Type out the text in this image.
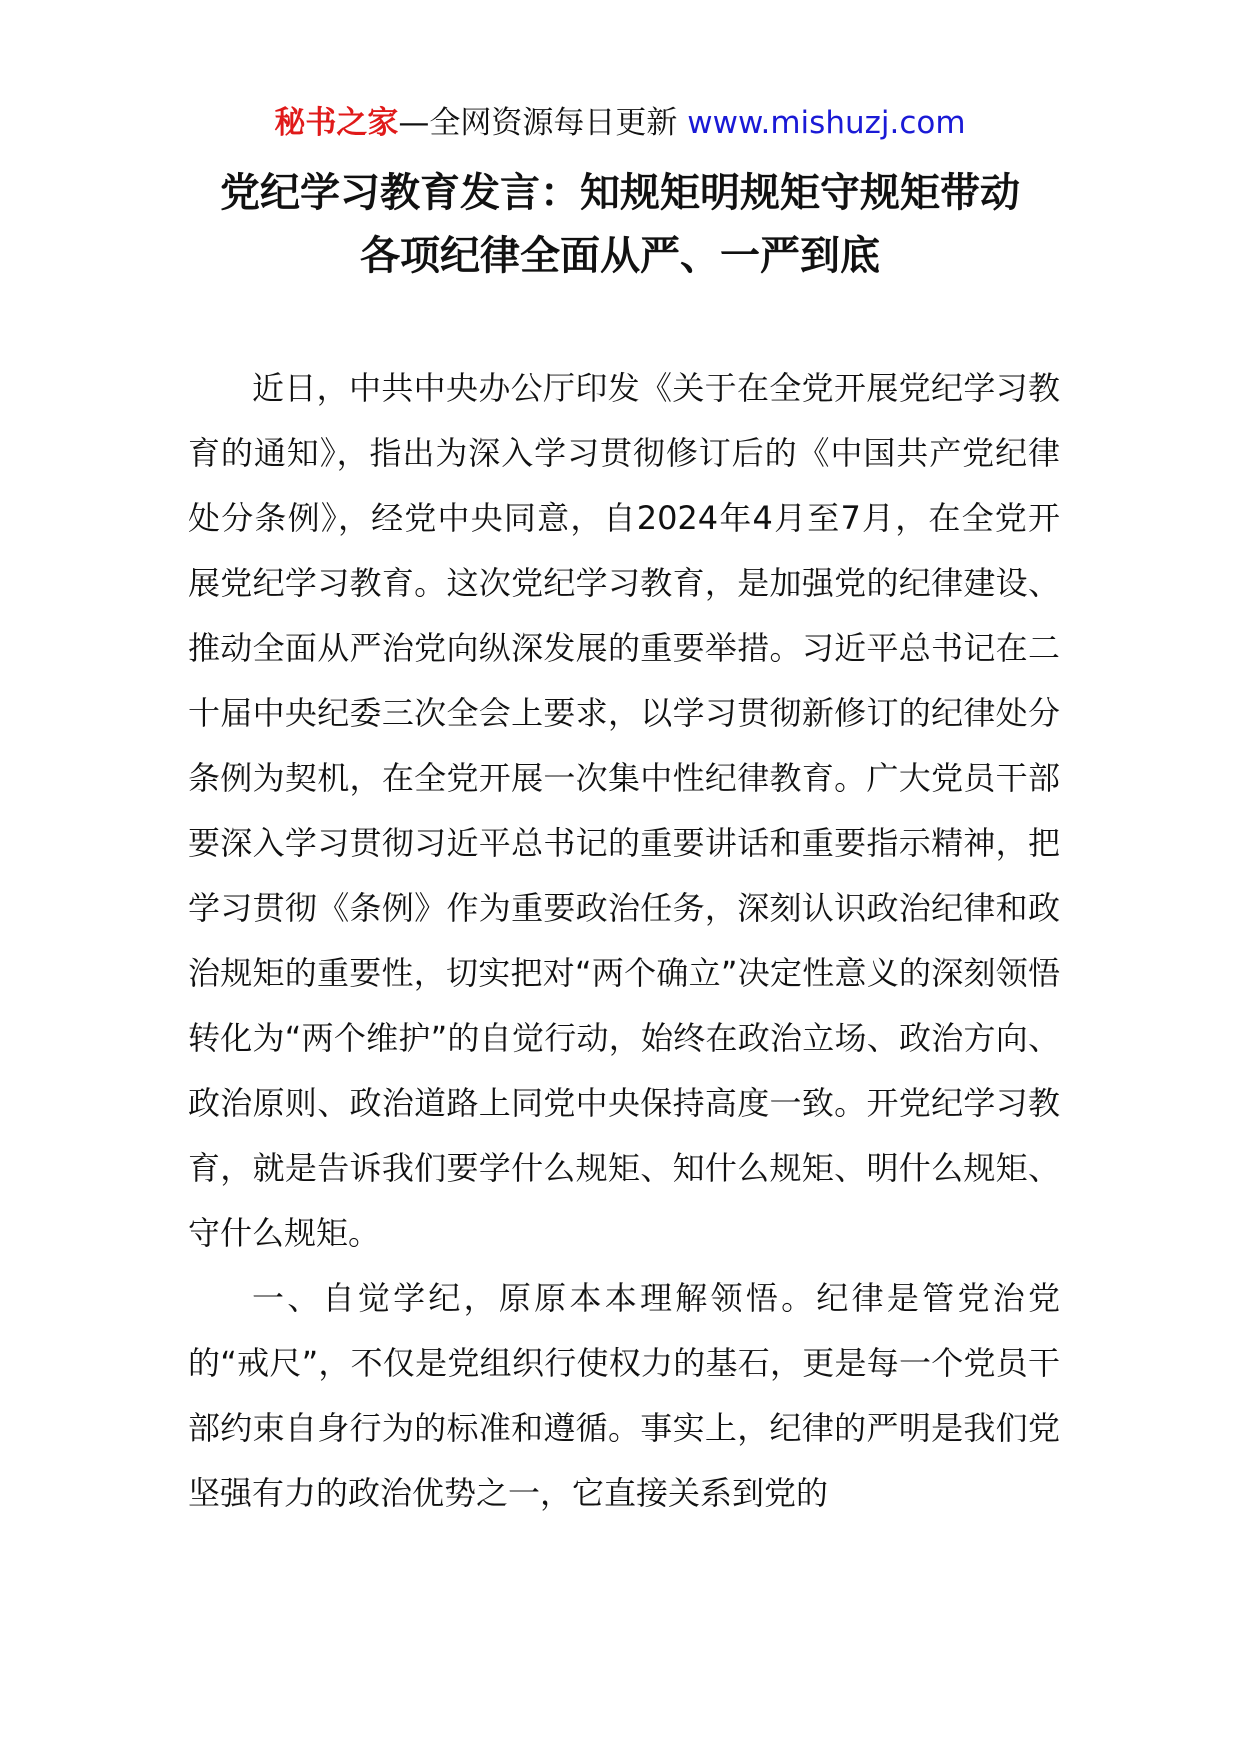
秘书之家—全网资源每日更新 www.mishuzj.com
党纪学习教育发言：知规矩明规矩守规矩带动
各项纪律全面从严、一严到底

近日，中共中央办公厅印发《关于在全党开展党纪学习教育的通知》，指出为深入学习贯彻修订后的《中国共产党纪律处分条例》，经党中央同意，自2024年4月至7月，在全党开展党纪学习教育。这次党纪学习教育，是加强党的纪律建设、推动全面从严治党向纵深发展的重要举措。习近平总书记在二十届中央纪委三次全会上要求，以学习贯彻新修订的纪律处分条例为契机，在全党开展一次集中性纪律教育。广大党员干部要深入学习贯彻习近平总书记的重要讲话和重要指示精神，把学习贯彻《条例》作为重要政治任务，深刻认识政治纪律和政治规矩的重要性，切实把对“两个确立”决定性意义的深刻领悟转化为“两个维护”的自觉行动，始终在政治立场、政治方向、政治原则、政治道路上同党中央保持高度一致。开党纪学习教育，就是告诉我们要学什么规矩、知什么规矩、明什么规矩、守什么规矩。

一、自觉学纪，原原本本理解领悟。纪律是管党治党的“戒尺”，不仅是党组织行使权力的基石，更是每一个党员干部约束自身行为的标准和遵循。事实上，纪律的严明是我们党坚强有力的政治优势之一，它直接关系到党的
